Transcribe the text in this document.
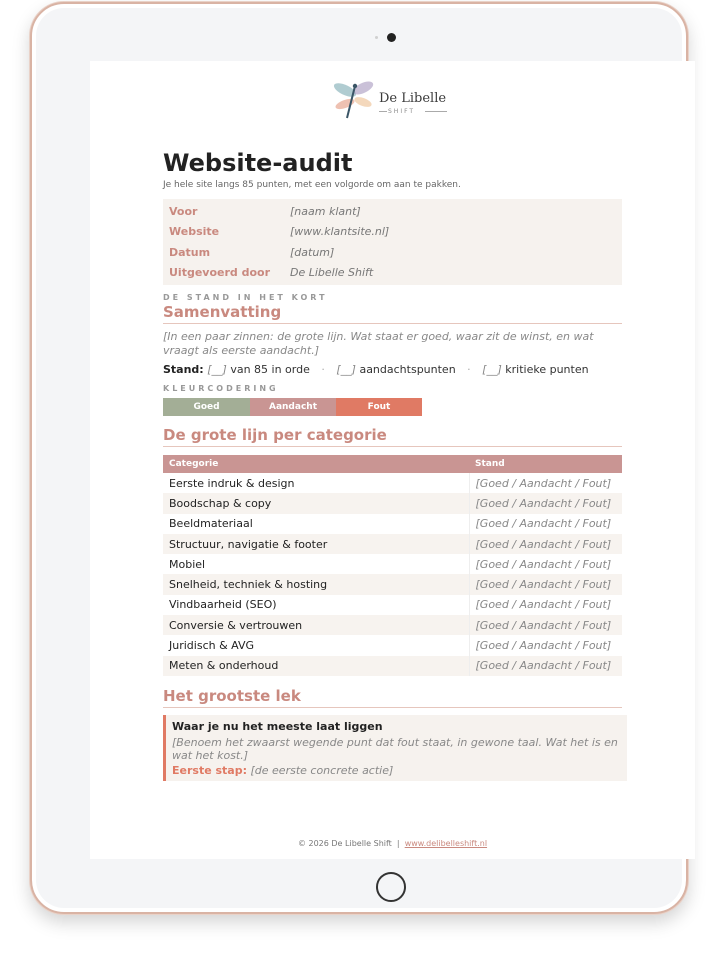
De Libelle
SHIFT
Website-audit
Je hele site langs 85 punten, met een volgorde om aan te pakken.
Voor	[naam klant]
Website	[www.klantsite.nl]
Datum	[datum]
Uitgevoerd door	De Libelle Shift
DE STAND IN HET KORT
Samenvatting
[In een paar zinnen: de grote lijn. Wat staat er goed, waar zit de winst, en wat vraagt als eerste aandacht.]
Stand: [__] van 85 in orde · [__] aandachtspunten · [__] kritieke punten
KLEURCODERING
Goed	Aandacht	Fout
De grote lijn per categorie
Categorie	Stand
Eerste indruk & design	[Goed / Aandacht / Fout]
Boodschap & copy	[Goed / Aandacht / Fout]
Beeldmateriaal	[Goed / Aandacht / Fout]
Structuur, navigatie & footer	[Goed / Aandacht / Fout]
Mobiel	[Goed / Aandacht / Fout]
Snelheid, techniek & hosting	[Goed / Aandacht / Fout]
Vindbaarheid (SEO)	[Goed / Aandacht / Fout]
Conversie & vertrouwen	[Goed / Aandacht / Fout]
Juridisch & AVG	[Goed / Aandacht / Fout]
Meten & onderhoud	[Goed / Aandacht / Fout]
Het grootste lek
Waar je nu het meeste laat liggen
[Benoem het zwaarst wegende punt dat fout staat, in gewone taal. Wat het is en wat het kost.]
Eerste stap: [de eerste concrete actie]
© 2026 De Libelle Shift | www.delibelleshift.nl
